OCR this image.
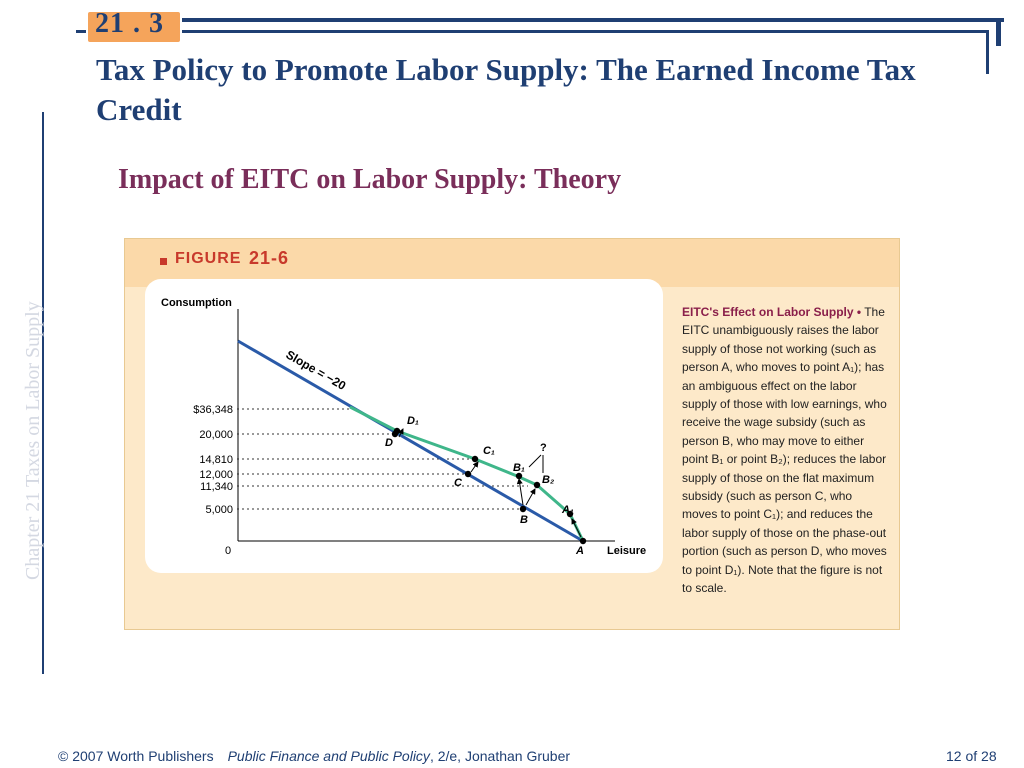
21 . 3
Tax Policy to Promote Labor Supply: The Earned Income Tax Credit
Chapter 21 Taxes on Labor Supply
Impact of EITC on Labor Supply: Theory
FIGURE 21-6
Consumption
Leisure
0
$36,348
20,000
14,810
12,000
11,340
5,000
Slope = −20
D₁
D
C₁
C
B₁
B₂
B
A₁
A
?
EITC's Effect on Labor Supply • The EITC unambiguously raises the labor supply of those not working (such as person A, who moves to point A₁); has an ambiguous effect on the labor supply of those with low earnings, who receive the wage subsidy (such as person B, who may move to either point B₁ or point B₂); reduces the labor supply of those on the flat maximum subsidy (such as person C, who moves to point C₁); and reduces the labor supply of those on the phase-out portion (such as person D, who moves to point D₁). Note that the figure is not to scale.
© 2007 Worth Publishers Public Finance and Public Policy, 2/e, Jonathan Gruber	12 of 28
